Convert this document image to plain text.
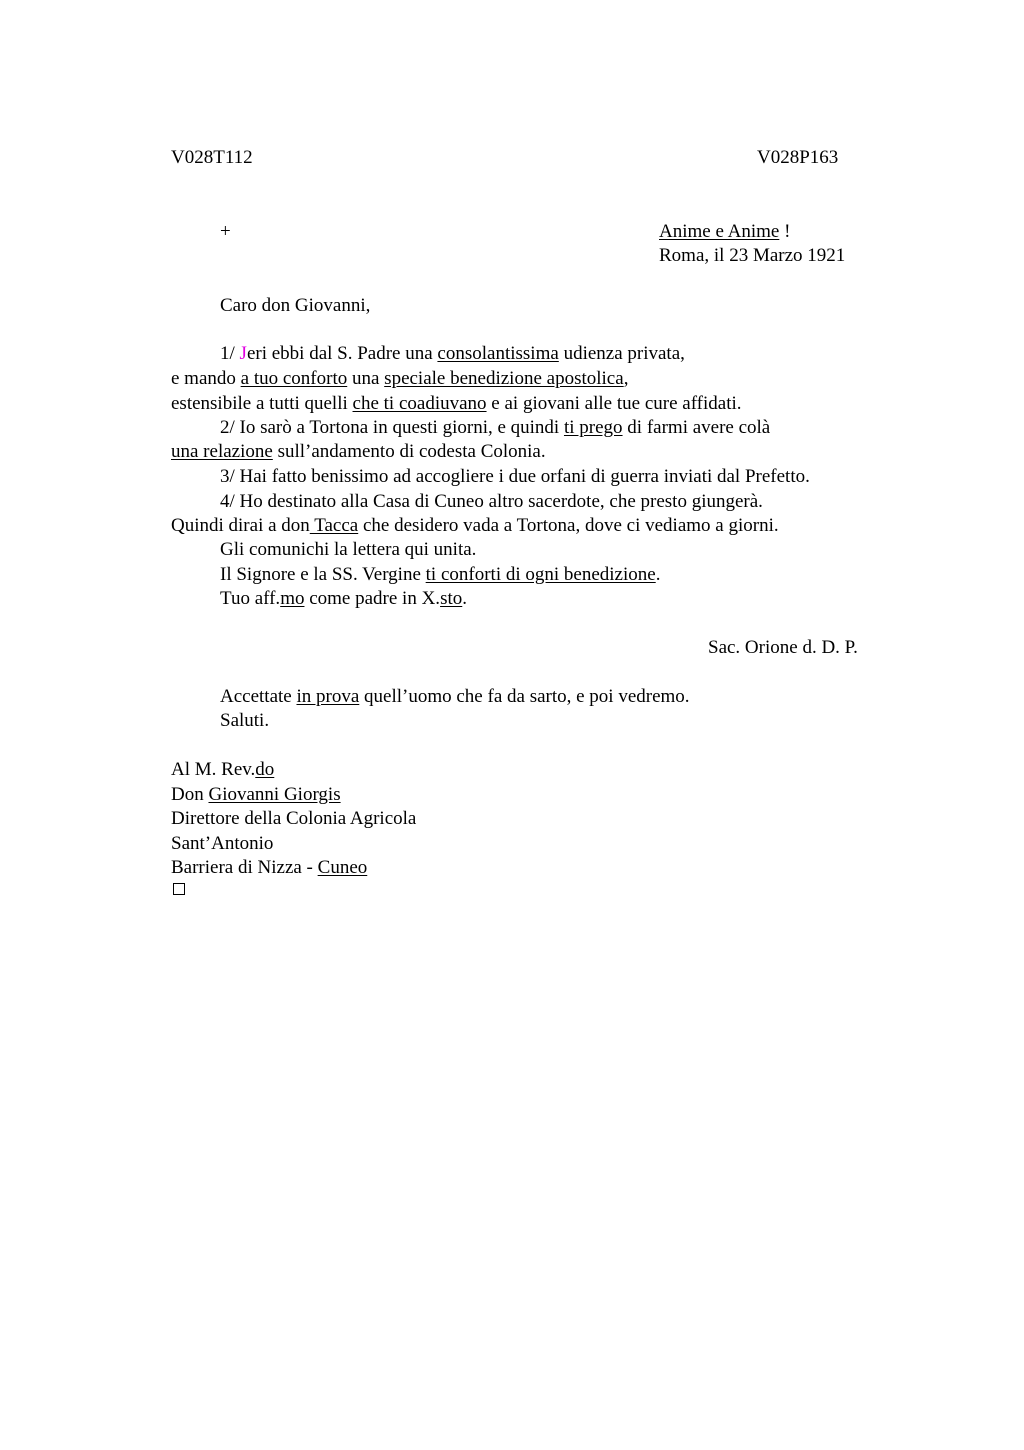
V028T112	V028P163
+	Anime e Anime !
Roma, il 23 Marzo 1921
Caro don Giovanni,
1/ Jeri ebbi dal S. Padre una consolantissima udienza privata,
e mando a tuo conforto una speciale benedizione apostolica,
estensibile a tutti quelli che ti coadiuvano e ai giovani alle tue cure affidati.
2/ Io sarò a Tortona in questi giorni, e quindi ti prego di farmi avere colà
una relazione sull’andamento di codesta Colonia.
3/ Hai fatto benissimo ad accogliere i due orfani di guerra inviati dal Prefetto.
4/ Ho destinato alla Casa di Cuneo altro sacerdote, che presto giungerà.
Quindi dirai a don Tacca che desidero vada a Tortona, dove ci vediamo a giorni.
Gli comunichi la lettera qui unita.
Il Signore e la SS. Vergine ti conforti di ogni benedizione.
Tuo aff.mo come padre in X.sto.
Sac. Orione d. D. P.
Accettate in prova quell’uomo che fa da sarto, e poi vedremo.
Saluti.
Al M. Rev.do
Don Giovanni Giorgis
Direttore della Colonia Agricola
Sant’Antonio
Barriera di Nizza - Cuneo
